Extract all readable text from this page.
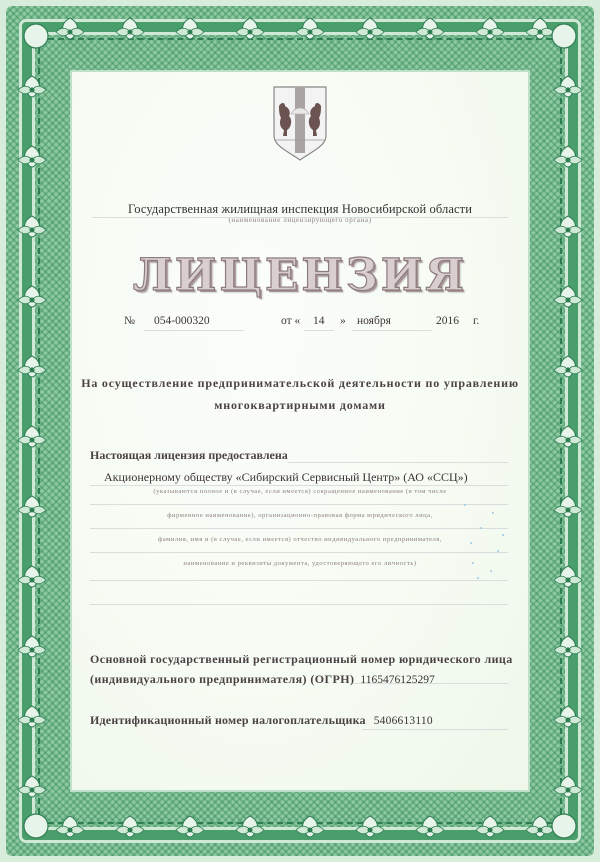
Государственная жилищная инспекция Новосибирской области
(наименование лицензирующего органа)
ЛИЦЕНЗИЯ
№ 054-000320	от « 14 » ноября	2016 г.
На осуществление предпринимательской деятельности по управлению
многоквартирными домами
Настоящая лицензия предоставлена
Акционерному обществу «Сибирский Сервисный Центр» (АО «ССЦ»)
(указываются полное и (в случае, если имеется) сокращенное наименование (в том числе
фирменное наименование), организационно-правовая форма юридического лица,
фамилия, имя и (в случае, если имеется) отчество индивидуального предпринимателя,
наименование и реквизиты документа, удостоверяющего его личность)
Основной государственный регистрационный номер юридического лица
(индивидуального предпринимателя) (ОГРН) 1165476125297
Идентификационный номер налогоплательщика 5406613110
